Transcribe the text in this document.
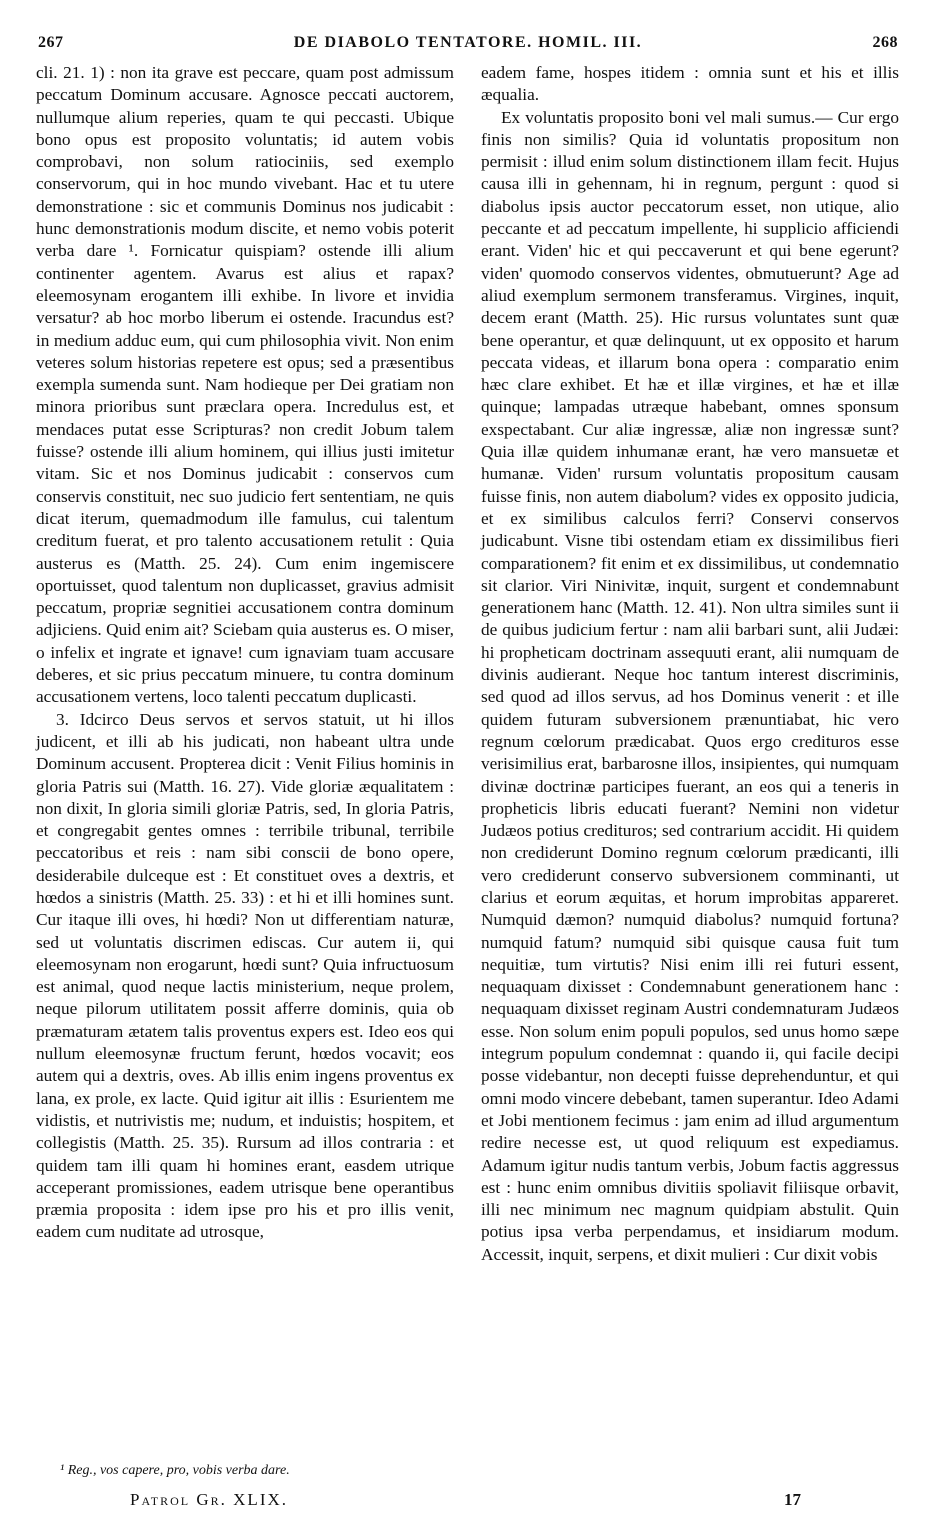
267	DE DIABOLO TENTATORE. HOMIL. III.	268

cli. 21. 1) : non ita grave est peccare, quam post admissum peccatum Dominum accusare. Agnosce peccati auctorem, nullumque alium reperies, quam te qui peccasti. Ubique bono opus est proposito voluntatis; id autem vobis comprobavi, non solum ratiociniis, sed exemplo conservorum, qui in hoc mundo vivebant. Hac et tu utere demonstratione : sic et communis Dominus nos judicabit : hunc demonstrationis modum discite, et nemo vobis poterit verba dare ¹. Fornicatur quispiam? ostende illi alium continenter agentem. Avarus est alius et rapax? eleemosynam erogantem illi exhibe. In livore et invidia versatur? ab hoc morbo liberum ei ostende. Iracundus est? in medium adduc eum, qui cum philosophia vivit. Non enim veteres solum historias repetere est opus; sed a præsentibus exempla sumenda sunt. Nam hodieque per Dei gratiam non minora prioribus sunt præclara opera. Incredulus est, et mendaces putat esse Scripturas? non credit Jobum talem fuisse? ostende illi alium hominem, qui illius justi imitetur vitam. Sic et nos Dominus judicabit : conservos cum conservis constituit, nec suo judicio fert sententiam, ne quis dicat iterum, quemadmodum ille famulus, cui talentum creditum fuerat, et pro talento accusationem retulit : Quia austerus es (Matth. 25. 24). Cum enim ingemiscere oportuisset, quod talentum non duplicasset, gravius admisit peccatum, propriæ segnitiei accusationem contra dominum adjiciens. Quid enim ait? Sciebam quia austerus es. O miser, o infelix et ingrate et ignave! cum ignaviam tuam accusare deberes, et sic prius peccatum minuere, tu contra dominum accusationem vertens, loco talenti peccatum duplicasti.

3. Idcirco Deus servos et servos statuit, ut hi illos judicent, et illi ab his judicati, non habeant ultra unde Dominum accusent. Propterea dicit : Venit Filius hominis in gloria Patris sui (Matth. 16. 27). Vide gloriæ æqualitatem : non dixit, In gloria simili gloriæ Patris, sed, In gloria Patris, et congregabit gentes omnes : terribile tribunal, terribile peccatoribus et reis : nam sibi conscii de bono opere, desiderabile dulceque est : Et constituet oves a dextris, et hœdos a sinistris (Matth. 25. 33) : et hi et illi homines sunt. Cur itaque illi oves, hi hœdi? Non ut differentiam naturæ, sed ut voluntatis discrimen ediscas. Cur autem ii, qui eleemosynam non erogarunt, hœdi sunt? Quia infructuosum est animal, quod neque lactis ministerium, neque prolem, neque pilorum utilitatem possit afferre dominis, quia ob præmaturam ætatem talis proventus expers est. Ideo eos qui nullum eleemosynæ fructum ferunt, hœdos vocavit; eos autem qui a dextris, oves. Ab illis enim ingens proventus ex lana, ex prole, ex lacte. Quid igitur ait illis : Esurientem me vidistis, et nutrivistis me; nudum, et induistis; hospitem, et collegistis (Matth. 25. 35). Rursum ad illos contraria : et quidem tam illi quam hi homines erant, easdem utrique acceperant promissiones, eadem utrisque bene operantibus præmia proposita : idem ipse pro his et pro illis venit, eadem cum nuditate ad utrosque,

eadem fame, hospes itidem : omnia sunt et his et illis æqualia.

Ex voluntatis proposito boni vel mali sumus.— Cur ergo finis non similis? Quia id voluntatis propositum non permisit : illud enim solum distinctionem illam fecit. Hujus causa illi in gehennam, hi in regnum, pergunt : quod si diabolus ipsis auctor peccatorum esset, non utique, alio peccante et ad peccatum impellente, hi supplicio afficiendi erant. Viden' hic et qui peccaverunt et qui bene egerunt? viden' quomodo conservos videntes, obmutuerunt? Age ad aliud exemplum sermonem transferamus. Virgines, inquit, decem erant (Matth. 25). Hic rursus voluntates sunt quæ bene operantur, et quæ delinquunt, ut ex opposito et harum peccata videas, et illarum bona opera : comparatio enim hæc clare exhibet. Et hæ et illæ virgines, et hæ et illæ quinque; lampadas utræque habebant, omnes sponsum exspectabant. Cur aliæ ingressæ, aliæ non ingressæ sunt? Quia illæ quidem inhumanæ erant, hæ vero mansuetæ et humanæ. Viden' rursum voluntatis propositum causam fuisse finis, non autem diabolum? vides ex opposito judicia, et ex similibus calculos ferri? Conservi conservos judicabunt. Visne tibi ostendam etiam ex dissimilibus fieri comparationem? fit enim et ex dissimilibus, ut condemnatio sit clarior. Viri Ninivitæ, inquit, surgent et condemnabunt generationem hanc (Matth. 12. 41). Non ultra similes sunt ii de quibus judicium fertur : nam alii barbari sunt, alii Judæi: hi propheticam doctrinam assequuti erant, alii numquam de divinis audierant. Neque hoc tantum interest discriminis, sed quod ad illos servus, ad hos Dominus venerit : et ille quidem futuram subversionem prænuntiabat, hic vero regnum cœlorum prædicabat. Quos ergo credituros esse verisimilius erat, barbarosne illos, insipientes, qui numquam divinæ doctrinæ participes fuerant, an eos qui a teneris in propheticis libris educati fuerant? Nemini non videtur Judæos potius credituros; sed contrarium accidit. Hi quidem non crediderunt Domino regnum cœlorum prædicanti, illi vero crediderunt conservo subversionem comminanti, ut clarius et eorum æquitas, et horum improbitas appareret. Numquid dæmon? numquid diabolus? numquid fortuna? numquid fatum? numquid sibi quisque causa fuit tum nequitiæ, tum virtutis? Nisi enim illi rei futuri essent, nequaquam dixisset : Condemnabunt generationem hanc : nequaquam dixisset reginam Austri condemnaturam Judæos esse. Non solum enim populi populos, sed unus homo sæpe integrum populum condemnat : quando ii, qui facile decipi posse videbantur, non decepti fuisse deprehenduntur, et qui omni modo vincere debebant, tamen superantur. Ideo Adami et Jobi mentionem fecimus : jam enim ad illud argumentum redire necesse est, ut quod reliquum est expediamus. Adamum igitur nudis tantum verbis, Jobum factis aggressus est : hunc enim omnibus divitiis spoliavit filiisque orbavit, illi nec minimum nec magnum quidpiam abstulit. Quin potius ipsa verba perpendamus, et insidiarum modum. Accessit, inquit, serpens, et dixit mulieri : Cur dixit vobis

¹ Reg., vos capere, pro, vobis verba dare.
Patrol Gr. XLIX.	17
